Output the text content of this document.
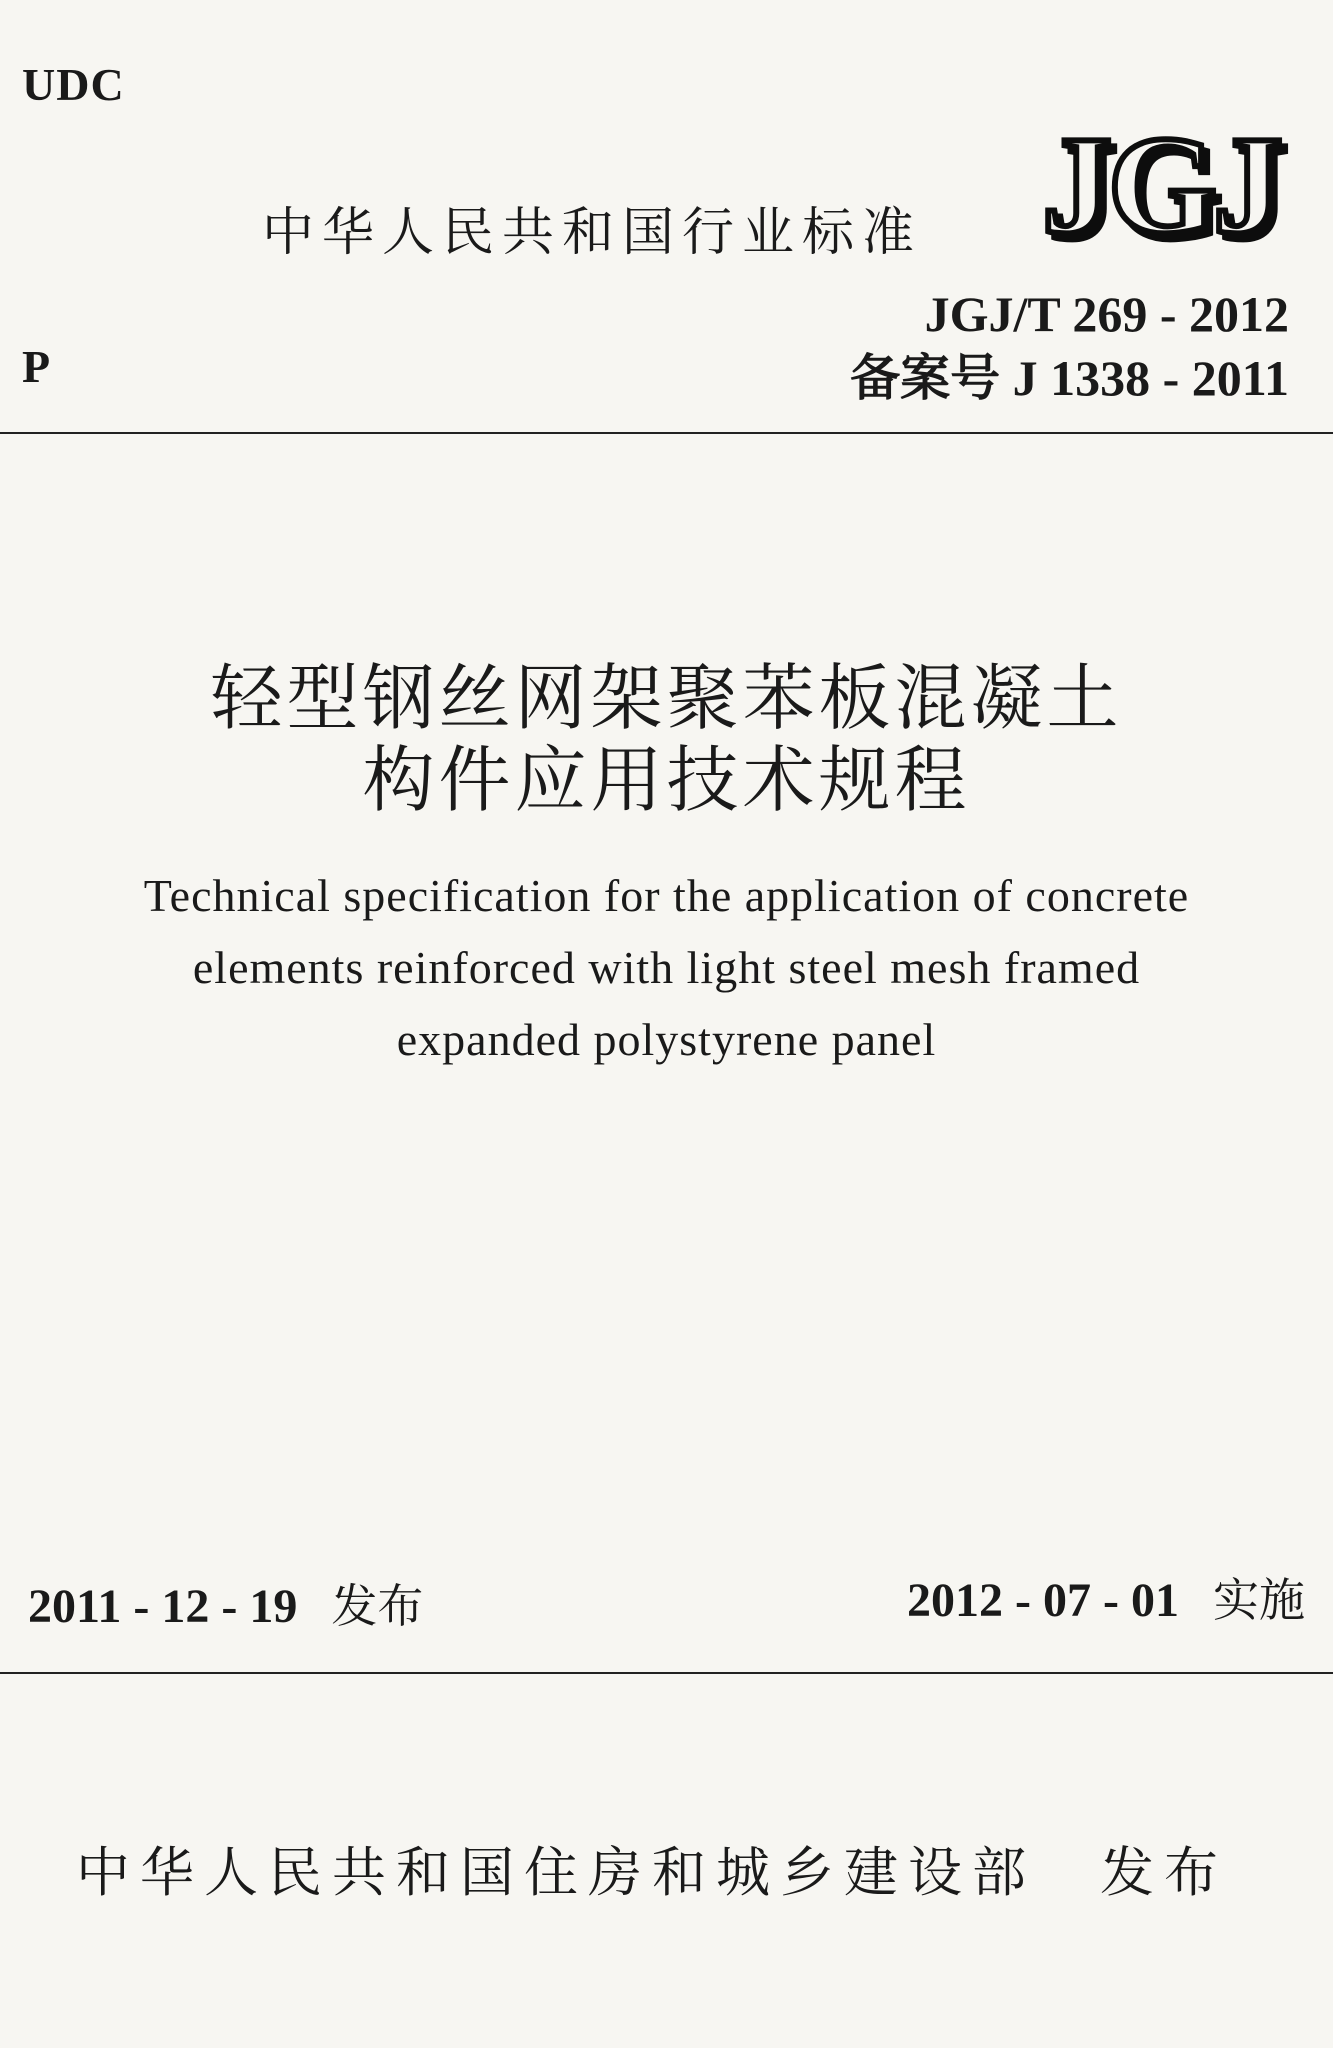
UDC
中华人民共和国行业标准 JGJ
JGJ/T 269 - 2012
备案号 J 1338 - 2011
P
轻型钢丝网架聚苯板混凝土
构件应用技术规程
Technical specification for the application of concrete
elements reinforced with light steel mesh framed
expanded polystyrene panel
2011 - 12 - 19 发布	2012 - 07 - 01 实施
中华人民共和国住房和城乡建设部 发布
